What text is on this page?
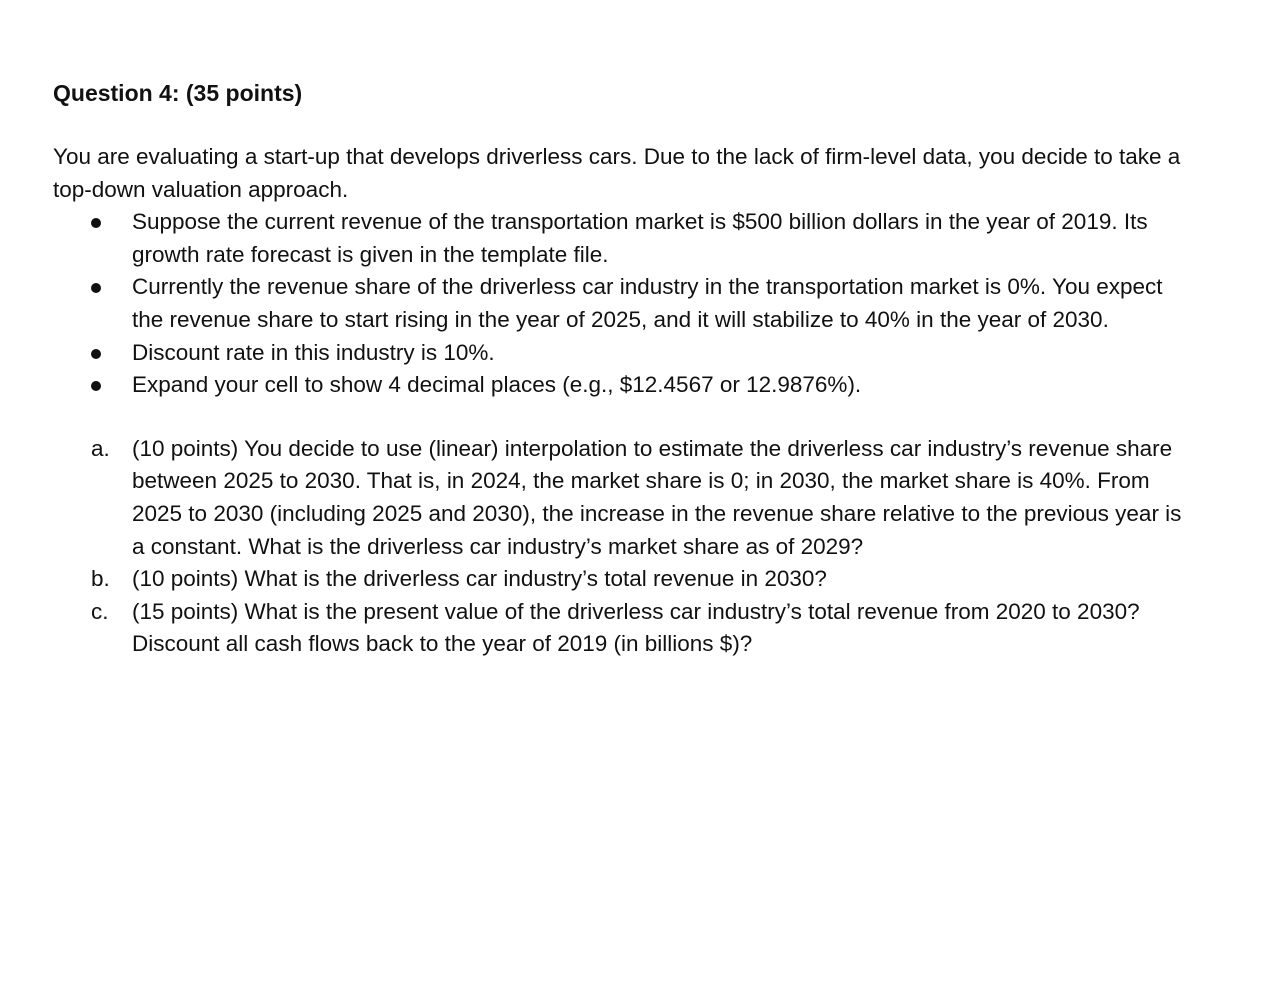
Question 4: (35 points)
You are evaluating a start-up that develops driverless cars. Due to the lack of firm-level data, you decide to take a top-down valuation approach.
Suppose the current revenue of the transportation market is $500 billion dollars in the year of 2019. Its growth rate forecast is given in the template file.
Currently the revenue share of the driverless car industry in the transportation market is 0%. You expect the revenue share to start rising in the year of 2025, and it will stabilize to 40% in the year of 2030.
Discount rate in this industry is 10%.
Expand your cell to show 4 decimal places (e.g., $12.4567 or 12.9876%).
a. (10 points) You decide to use (linear) interpolation to estimate the driverless car industry’s revenue share between 2025 to 2030. That is, in 2024, the market share is 0; in 2030, the market share is 40%. From 2025 to 2030 (including 2025 and 2030), the increase in the revenue share relative to the previous year is a constant. What is the driverless car industry’s market share as of 2029?
b. (10 points) What is the driverless car industry’s total revenue in 2030?
c. (15 points) What is the present value of the driverless car industry’s total revenue from 2020 to 2030? Discount all cash flows back to the year of 2019 (in billions $)?
